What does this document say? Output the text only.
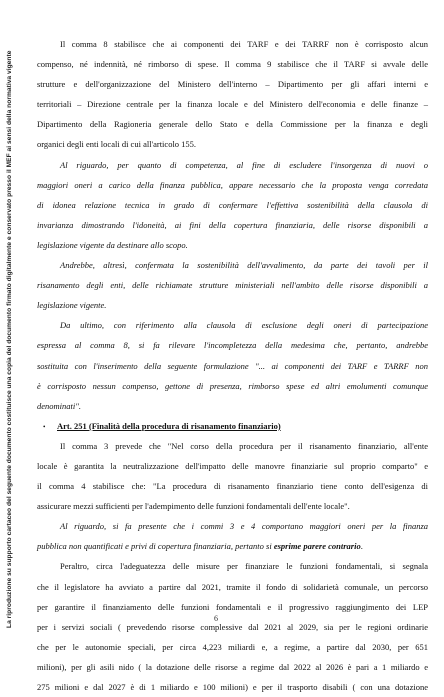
La riproduzione su supporto cartaceo del seguente documento costituisce una copia del documento firmato digitalmente e conservato presso il MEF ai sensi della normativa vigente
Il comma 8 stabilisce che ai componenti dei TARF e dei TARRF non è corrisposto alcun
compenso, né indennità, né rimborso di spese. Il comma 9 stabilisce che il TARF si avvale delle
strutture e dell'organizzazione del Ministero dell'interno – Dipartimento per gli affari interni e
territoriali – Direzione centrale per la finanza locale e del Ministero dell'economia e delle finanze –
Dipartimento della Ragioneria generale dello Stato e della Commissione per la finanza e degli
organici degli enti locali di cui all'articolo 155.
Al riguardo, per quanto di competenza, al fine di escludere l'insorgenza di nuovi o
maggiori oneri a carico della finanza pubblica, appare necessario che la proposta venga corredata
di idonea relazione tecnica in grado di confermare l'effettiva sostenibilità della clausola di
invarianza dimostrando l'idoneità, ai fini della copertura finanziaria, delle risorse disponibili a
legislazione vigente da destinare allo scopo.
Andrebbe, altresì, confermata la sostenibilità dell'avvalimento, da parte dei tavoli per il
risanamento degli enti, delle richiamate strutture ministeriali nell'ambito delle risorse disponibili a
legislazione vigente.
Da ultimo, con riferimento alla clausola di esclusione degli oneri di partecipazione
espressa al comma 8, si fa rilevare l'incompletezza della medesima che, pertanto, andrebbe
sostituita con l'inserimento della seguente formulazione "... ai componenti dei TARF e TARRF non
è corrisposto nessun compenso, gettone di presenza, rimborso spese ed altri emolumenti comunque
denominati".
• Art. 251 (Finalità della procedura di risanamento finanziario)
Il comma 3 prevede che "Nel corso della procedura per il risanamento finanziario, all'ente
locale è garantita la neutralizzazione dell'impatto delle manovre finanziarie sul proprio comparto" e
il comma 4 stabilisce che: "La procedura di risanamento finanziario tiene conto dell'esigenza di
assicurare mezzi sufficienti per l'adempimento delle funzioni fondamentali dell'ente locale".
Al riguardo, si fa presente che i commi 3 e 4 comportano maggiori oneri per la finanza
pubblica non quantificati e privi di copertura finanziaria, pertanto si esprime parere contrario.
Peraltro, circa l'adeguatezza delle misure per finanziare le funzioni fondamentali, si segnala
che il legislatore ha avviato a partire dal 2021, tramite il fondo di solidarietà comunale, un percorso
per garantire il finanziamento delle funzioni fondamentali e il progressivo raggiungimento dei LEP
per i servizi sociali ( prevedendo risorse complessive dal 2021 al 2029, sia per le regioni ordinarie
che per le autonomie speciali, per circa 4,223 miliardi e, a regime, a partire dal 2030, per 651
milioni), per gli asili nido ( la dotazione delle risorse a regime dal 2022 al 2026 è pari a 1 miliardo e
275 milioni e dal 2027 è di 1 miliardo e 100 milioni) e per il trasporto disabili ( con una dotazione
6
